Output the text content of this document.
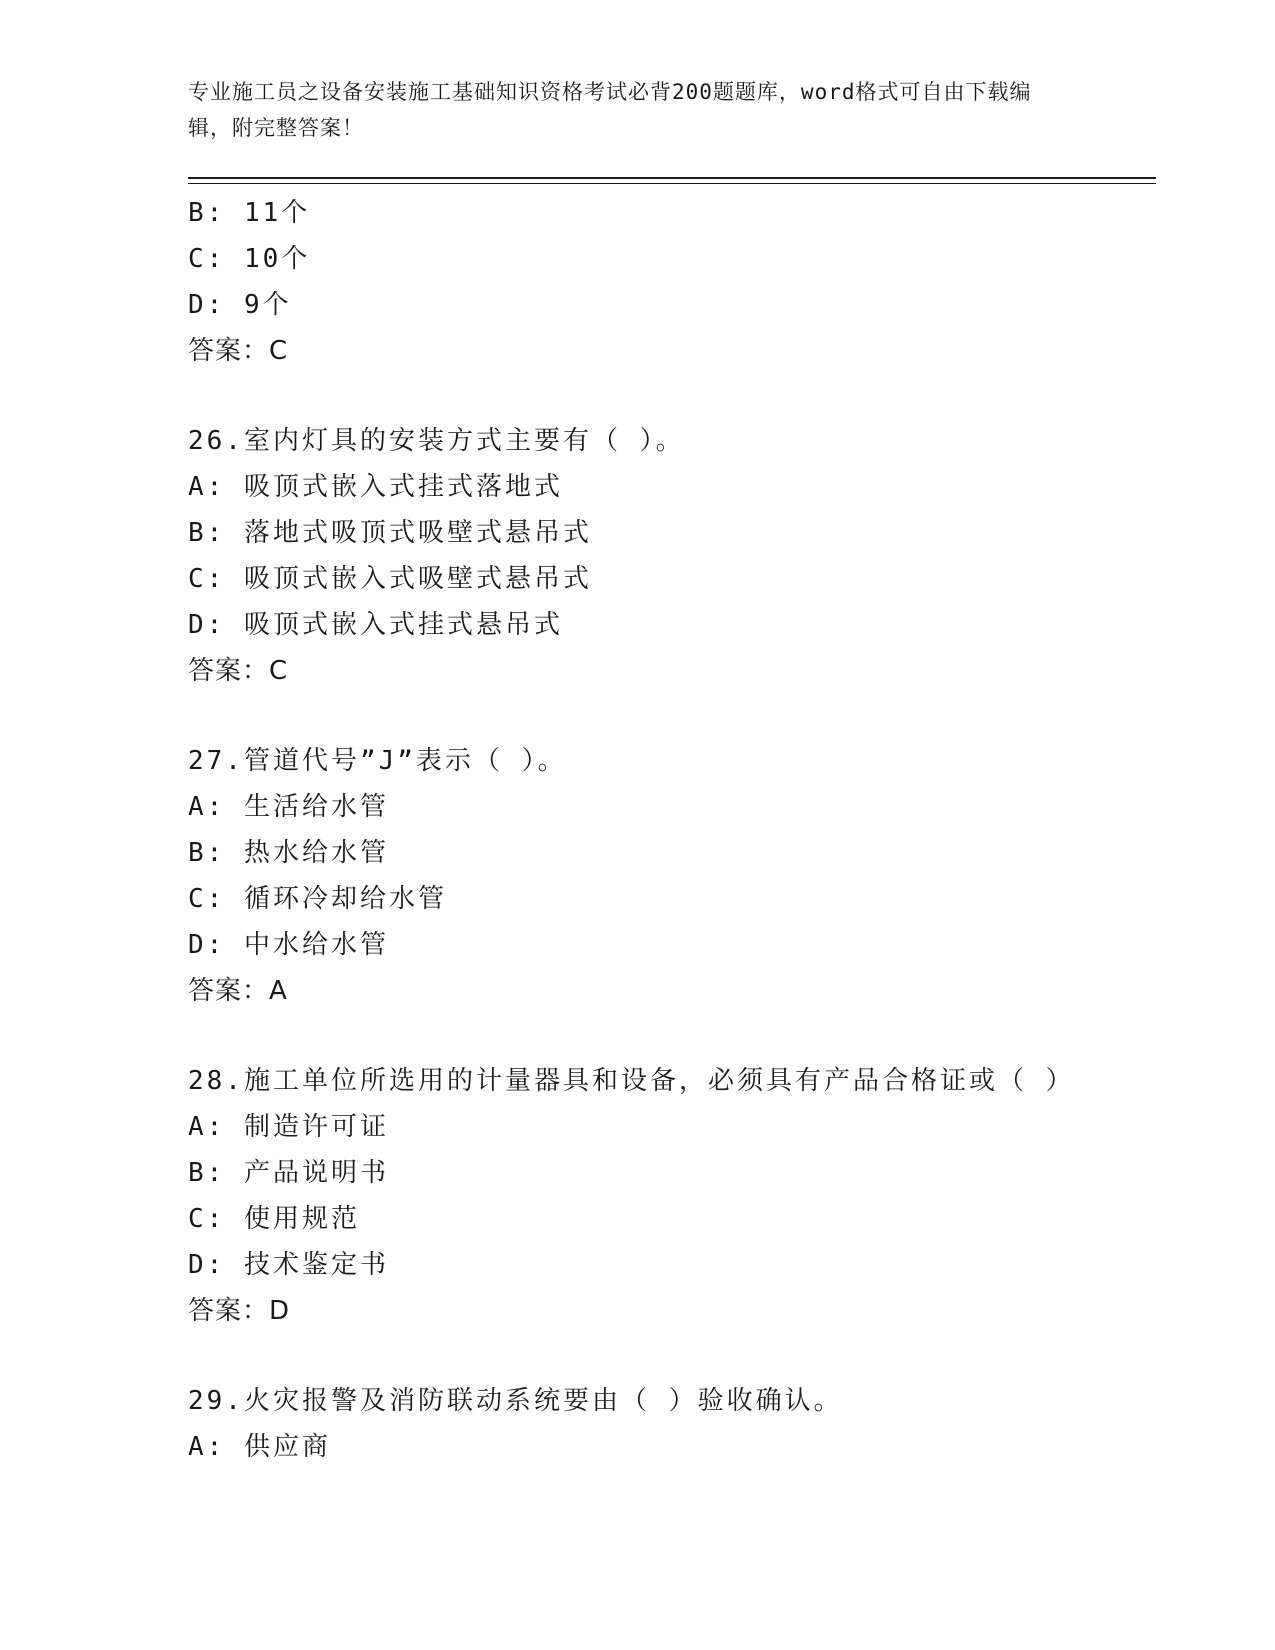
专业施工员之设备安装施工基础知识资格考试必背200题题库，word格式可自由下载编辑，附完整答案！
B: 11个
C: 10个
D: 9个
答案：C
26.室内灯具的安装方式主要有（ ）。
A: 吸顶式嵌入式挂式落地式
B: 落地式吸顶式吸壁式悬吊式
C: 吸顶式嵌入式吸壁式悬吊式
D: 吸顶式嵌入式挂式悬吊式
答案：C
27.管道代号”J”表示（ ）。
A: 生活给水管
B: 热水给水管
C: 循环冷却给水管
D: 中水给水管
答案：A
28.施工单位所选用的计量器具和设备，必须具有产品合格证或（ ）
A: 制造许可证
B: 产品说明书
C: 使用规范
D: 技术鉴定书
答案：D
29.火灾报警及消防联动系统要由（ ）验收确认。
A: 供应商
